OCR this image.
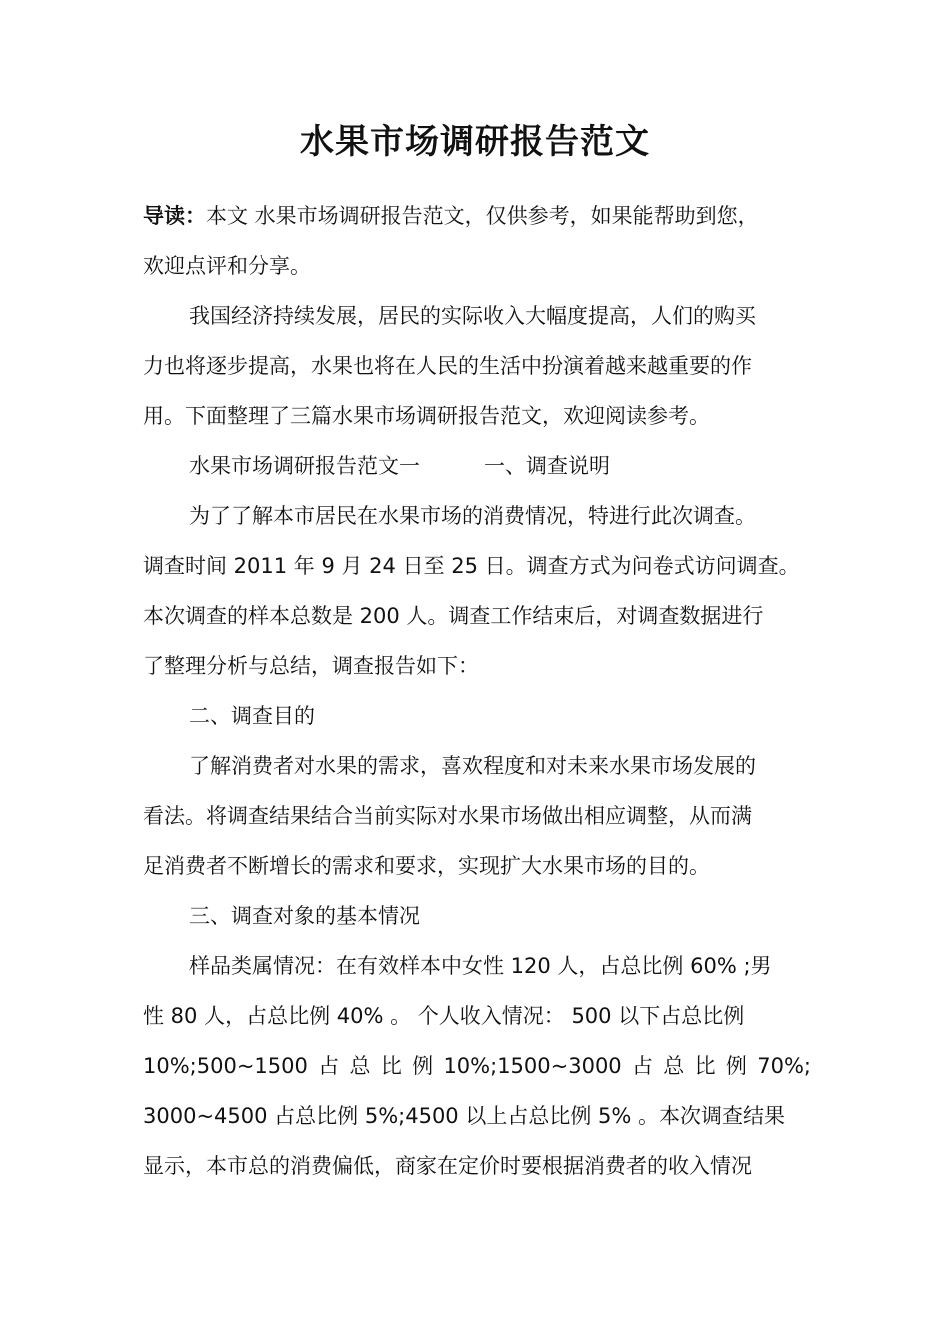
水果市场调研报告范文
导读：本文 水果市场调研报告范文，仅供参考，如果能帮助到您，
欢迎点评和分享。
我国经济持续发展，居民的实际收入大幅度提高，人们的购买
力也将逐步提高，水果也将在人民的生活中扮演着越来越重要的作
用。下面整理了三篇水果市场调研报告范文，欢迎阅读参考。
水果市场调研报告范文一	一、调查说明
为了了解本市居民在水果市场的消费情况，特进行此次调查。
调查时间 2011 年 9 月 24 日至 25 日。调查方式为问卷式访问调查。
本次调查的样本总数是 200 人。调查工作结束后，对调查数据进行
了整理分析与总结，调查报告如下：
二、调查目的
了解消费者对水果的需求，喜欢程度和对未来水果市场发展的
看法。将调查结果结合当前实际对水果市场做出相应调整，从而满
足消费者不断增长的需求和要求，实现扩大水果市场的目的。
三、调查对象的基本情况
样品类属情况：在有效样本中女性 120 人，占总比例 60% ;男
性 80 人，占总比例 40% 。 个人收入情况： 500 以下占总比例
10%;500~1500 占 总 比 例 10%;1500~3000 占 总 比 例 70%;
3000~4500 占总比例 5%;4500 以上占总比例 5% 。本次调查结果
显示，本市总的消费偏低，商家在定价时要根据消费者的收入情况
